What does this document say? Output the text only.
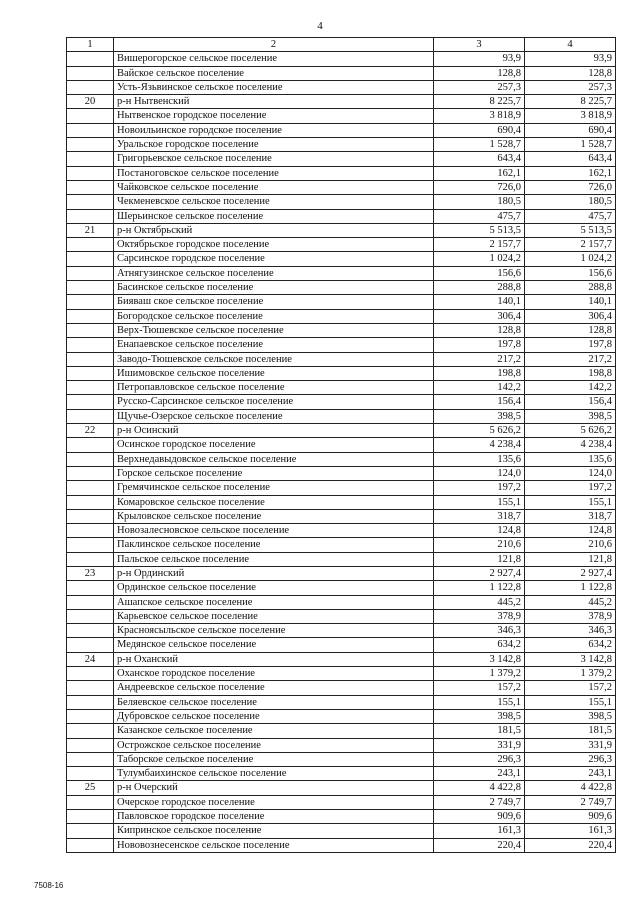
4
1	2	3	4
	Вишерогорское сельское поселение	93,9	93,9
	Вайское сельское поселение	128,8	128,8
	Усть-Язьвинское сельское поселение	257,3	257,3
20	р-н Нытвенский	8 225,7	8 225,7
	Нытвенское городское поселение	3 818,9	3 818,9
	Новоильинское городское поселение	690,4	690,4
	Уральское городское поселение	1 528,7	1 528,7
	Григорьевское сельское поселение	643,4	643,4
	Постаноговское сельское поселение	162,1	162,1
	Чайковское сельское поселение	726,0	726,0
	Чекменевское сельское поселение	180,5	180,5
	Шерьинское сельское поселение	475,7	475,7
21	р-н Октябрьский	5 513,5	5 513,5
	Октябрьское городское поселение	2 157,7	2 157,7
	Сарсинское городское поселение	1 024,2	1 024,2
	Атнягузинское сельское поселение	156,6	156,6
	Басинское сельское поселение	288,8	288,8
	Бияваш ское сельское поселение	140,1	140,1
	Богородское сельское поселение	306,4	306,4
	Верх-Тюшевское сельское поселение	128,8	128,8
	Енапаевское сельское поселение	197,8	197,8
	Заводо-Тюшевское сельское поселение	217,2	217,2
	Ишимовское сельское поселение	198,8	198,8
	Петропавловское сельское поселение	142,2	142,2
	Русско-Сарсинское сельское поселение	156,4	156,4
	Щучье-Озерское сельское поселение	398,5	398,5
22	р-н Осинский	5 626,2	5 626,2
	Осинское городское поселение	4 238,4	4 238,4
	Верхнедавыдовское сельское поселение	135,6	135,6
	Горское сельское поселение	124,0	124,0
	Гремячинское сельское поселение	197,2	197,2
	Комаровское сельское поселение	155,1	155,1
	Крыловское сельское поселение	318,7	318,7
	Новозалесновское сельское поселение	124,8	124,8
	Паклинское сельское поселение	210,6	210,6
	Пальское сельское поселение	121,8	121,8
23	р-н Ординский	2 927,4	2 927,4
	Ординское сельское поселение	1 122,8	1 122,8
	Ашапское сельское поселение	445,2	445,2
	Карьевское сельское поселение	378,9	378,9
	Красноясыльское сельское поселение	346,3	346,3
	Медянское сельское поселение	634,2	634,2
24	р-н Оханский	3 142,8	3 142,8
	Оханское городское поселение	1 379,2	1 379,2
	Андреевское сельское поселение	157,2	157,2
	Беляевское сельское поселение	155,1	155,1
	Дубровское сельское поселение	398,5	398,5
	Казанское сельское поселение	181,5	181,5
	Острожское сельское поселение	331,9	331,9
	Таборское сельское поселение	296,3	296,3
	Тулумбаихинское сельское поселение	243,1	243,1
25	р-н Очерский	4 422,8	4 422,8
	Очерское городское поселение	2 749,7	2 749,7
	Павловское городское поселение	909,6	909,6
	Кипринское сельское поселение	161,3	161,3
	Нововознесенское сельское поселение	220,4	220,4
7508-16
